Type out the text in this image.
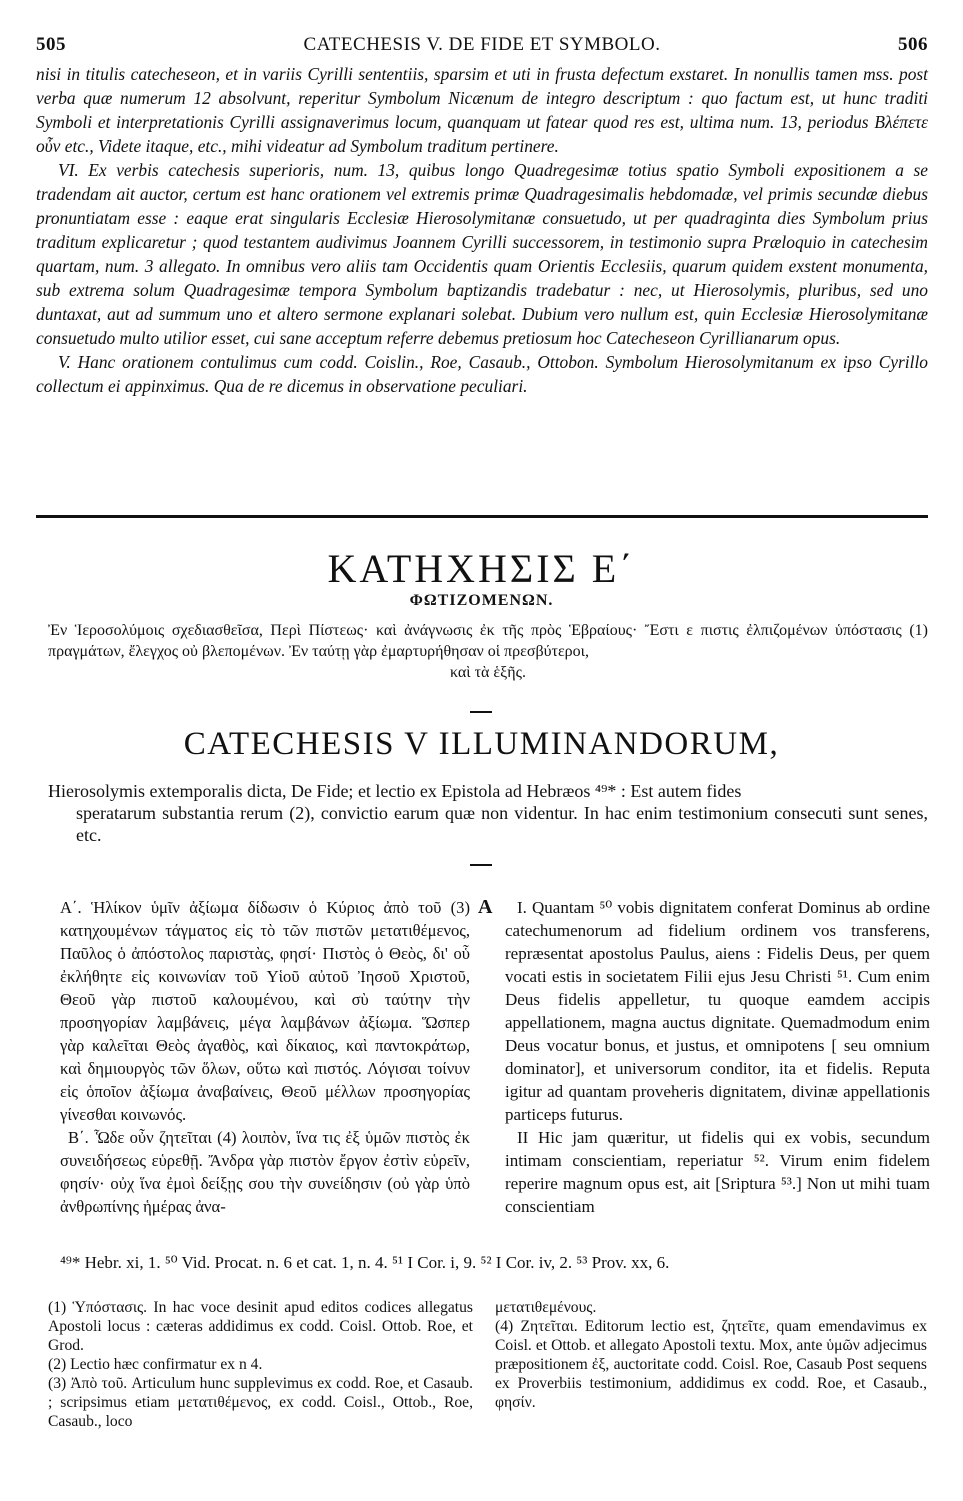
505	CATECHESIS V. DE FIDE ET SYMBOLO.	506

nisi in titulis catecheseon, et in variis Cyrilli sententiis, sparsim et uti in frusta defectum exstaret. In nonullis tamen mss. post verba quæ numerum 12 absolvunt, reperitur Symbolum Nicænum de integro descriptum : quo factum est, ut hunc traditi Symboli et interpretationis Cyrilli assignaverimus locum, quanquam ut fatear quod res est, ultima num. 13, periodus Βλέπετε οὖν etc., Videte itaque, etc., mihi videatur ad Symbolum traditum pertinere.

VI. Ex verbis catechesis superioris, num. 13, quibus longo Quadregesimæ totius spatio Symboli expositionem a se tradendam ait auctor, certum est hanc orationem vel extremis primæ Quadragesimalis hebdomadæ, vel primis secundæ diebus pronuntiatam esse : eaque erat singularis Ecclesiæ Hierosolymitanæ consuetudo, ut per quadraginta dies Symbolum prius traditum explicaretur ; quod testantem audivimus Joannem Cyrilli successorem, in testimonio supra Præloquio in catechesim quartam, num. 3 allegato. In omnibus vero aliis tam Occidentis quam Orientis Ecclesiis, quarum quidem exstent monumenta, sub extrema solum Quadragesimæ tempora Symbolum baptizandis tradebatur : nec, ut Hierosolymis, pluribus, sed uno duntaxat, aut ad summum uno et altero sermone explanari solebat. Dubium vero nullum est, quin Ecclesiæ Hierosolymitanæ consuetudo multo utilior esset, cui sane acceptum referre debemus pretiosum hoc Catecheseon Cyrillianarum opus.

V. Hanc orationem contulimus cum codd. Coislin., Roe, Casaub., Ottobon. Symbolum Hierosolymitanum ex ipso Cyrillo collectum ei appinximus. Qua de re dicemus in observatione peculiari.

ΚΑΤΗΧΗΣΙΣ Ε΄
ΦΩΤΙΖΟΜΕΝΩΝ.
Ἐν Ἱεροσολύμοις σχεδιασθεῖσα, Περὶ Πίστεως· καὶ ἀνάγνωσις ἐκ τῆς πρὸς Ἑβραίους· Ἔστι ε πιστις ἐλπιζομένων ὑπόστασις (1) πραγμάτων, ἔλεγχος οὐ βλεπομένων. Ἐν ταύτῃ γὰρ ἐμαρτυρήθησαν οἱ πρεσβύτεροι,
καὶ τὰ ἑξῆς.
CATECHESIS V ILLUMINANDORUM,
Hierosolymis extemporalis dicta, De Fide; et lectio ex Epistola ad Hebræos ⁴⁹* : Est autem fides
speratarum substantia rerum (2), convictio earum quæ non videntur. In hac enim testimonium consecuti sunt senes, etc.

Α΄. Ἡλίκον ὑμῖν ἀξίωμα δίδωσιν ὁ Κύριος ἀπὸ τοῦ (3) κατηχουμένων τάγματος εἰς τὸ τῶν πιστῶν μετατιθέμενος, Παῦλος ὁ ἀπόστολος παριστὰς, φησί· Πιστὸς ὁ Θεὸς, δι' οὗ ἐκλήθητε εἰς κοινωνίαν τοῦ Υἱοῦ αὐτοῦ Ἰησοῦ Χριστοῦ, Θεοῦ γὰρ πιστοῦ καλουμένου, καὶ σὺ ταύτην τὴν προσηγορίαν λαμβάνεις, μέγα λαμβάνων ἀξίωμα. Ὥσπερ γὰρ καλεῖται Θεὸς ἀγαθὸς, καὶ δίκαιος, καὶ παντοκράτωρ, καὶ δημιουργὸς τῶν ὅλων, οὕτω καὶ πιστός. Λόγισαι τοίνυν εἰς ὁποῖον ἀξίωμα ἀναβαίνεις, Θεοῦ μέλλων προσηγορίας γίνεσθαι κοινωνός.

Β΄. Ὧδε οὖν ζητεῖται (4) λοιπὸν, ἵνα τις ἐξ ὑμῶν πιστὸς ἐκ συνειδήσεως εὑρεθῇ. Ἄνδρα γὰρ πιστὸν ἔργον ἐστὶν εὑρεῖν, φησίν· οὐχ ἵνα ἐμοὶ δείξῃς σου τὴν συνείδησιν (οὐ γὰρ ὑπὸ ἀνθρωπίνης ἡμέρας ἀνα-

A	I. Quantam ⁵⁰ vobis dignitatem conferat Dominus ab ordine catechumenorum ad fidelium ordinem vos transferens, repræsentat apostolus Paulus, aiens : Fidelis Deus, per quem vocati estis in societatem Filii ejus Jesu Christi ⁵¹. Cum enim Deus fidelis appelletur, tu quoque eamdem accipis appellationem, magna auctus dignitate. Quemadmodum enim Deus vocatur bonus, et justus, et omnipotens [ seu omnium dominator], et universorum conditor, ita et fidelis. Reputa igitur ad quantam proveheris dignitatem, divinæ appellationis particeps futurus.

II Hic jam quæritur, ut fidelis qui ex vobis, secundum intimam conscientiam, reperiatur ⁵². Virum enim fidelem reperire magnum opus est, ait [Sriptura ⁵³.] Non ut mihi tuam conscientiam

⁴⁹* Hebr. xi, 1. ⁵⁰ Vid. Procat. n. 6 et cat. 1, n. 4. ⁵¹ I Cor. i, 9. ⁵² I Cor. iv, 2. ⁵³ Prov. xx, 6.

(1) Ὑπόστασις. In hac voce desinit apud editos codices allegatus Apostoli locus : cæteras addidimus ex codd. Coisl. Ottob. Roe, et Grod.

(2) Lectio hæc confirmatur ex n 4.

(3) Ἀπὸ τοῦ. Articulum hunc supplevimus ex codd. Roe, et Casaub. ; scripsimus etiam μετατιθέμενος, ex codd. Coisl., Ottob., Roe, Casaub., loco

μετατιθεμένους.

(4) Ζητεῖται. Editorum lectio est, ζητεῖτε, quam emendavimus ex Coisl. et Ottob. et allegato Apostoli textu. Mox, ante ὑμῶν adjecimus præpositionem ἐξ, auctoritate codd. Coisl. Roe, Casaub Post sequens ex Proverbiis testimonium, addidimus ex codd. Roe, et Casaub., φησίν.
